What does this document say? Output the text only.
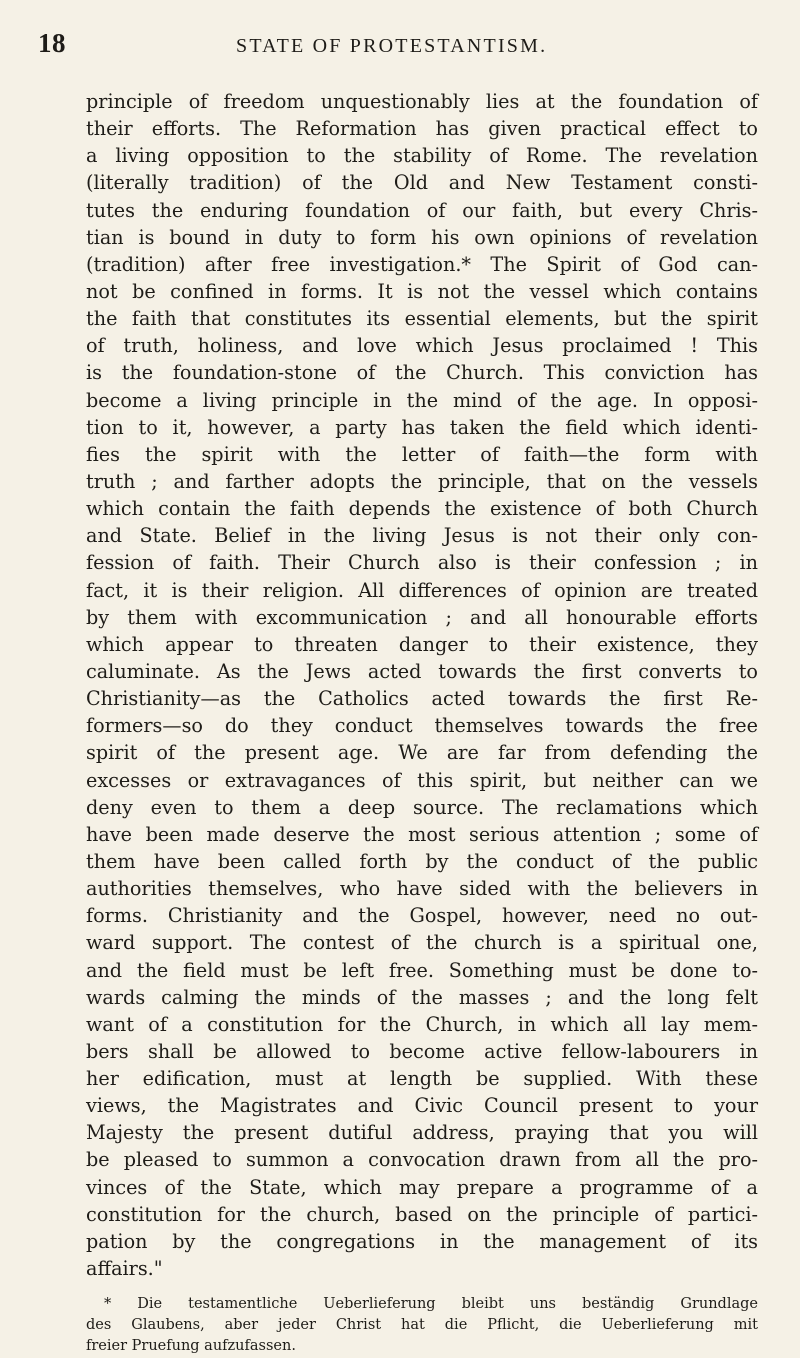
18	STATE OF PROTESTANTISM.
principle of freedom unquestionably lies at the foundation of
their efforts. The Reformation has given practical effect to
a living opposition to the stability of Rome. The revelation
(literally tradition) of the Old and New Testament consti-
tutes the enduring foundation of our faith, but every Chris-
tian is bound in duty to form his own opinions of revelation
(tradition) after free investigation.* The Spirit of God can-
not be confined in forms. It is not the vessel which contains
the faith that constitutes its essential elements, but the spirit
of truth, holiness, and love which Jesus proclaimed ! This
is the foundation-stone of the Church. This conviction has
become a living principle in the mind of the age. In opposi-
tion to it, however, a party has taken the field which identi-
fies the spirit with the letter of faith—the form with
truth ; and farther adopts the principle, that on the vessels
which contain the faith depends the existence of both Church
and State. Belief in the living Jesus is not their only con-
fession of faith. Their Church also is their confession ; in
fact, it is their religion. All differences of opinion are treated
by them with excommunication ; and all honourable efforts
which appear to threaten danger to their existence, they
caluminate. As the Jews acted towards the first converts to
Christianity—as the Catholics acted towards the first Re-
formers—so do they conduct themselves towards the free
spirit of the present age. We are far from defending the
excesses or extravagances of this spirit, but neither can we
deny even to them a deep source. The reclamations which
have been made deserve the most serious attention ; some of
them have been called forth by the conduct of the public
authorities themselves, who have sided with the believers in
forms. Christianity and the Gospel, however, need no out-
ward support. The contest of the church is a spiritual one,
and the field must be left free. Something must be done to-
wards calming the minds of the masses ; and the long felt
want of a constitution for the Church, in which all lay mem-
bers shall be allowed to become active fellow-labourers in
her edification, must at length be supplied. With these
views, the Magistrates and Civic Council present to your
Majesty the present dutiful address, praying that you will
be pleased to summon a convocation drawn from all the pro-
vinces of the State, which may prepare a programme of a
constitution for the church, based on the principle of partici-
pation by the congregations in the management of its
affairs."
* Die testamentliche Ueberlieferung bleibt uns beständig Grundlage
des Glaubens, aber jeder Christ hat die Pflicht, die Ueberlieferung mit
freier Pruefung aufzufassen.
